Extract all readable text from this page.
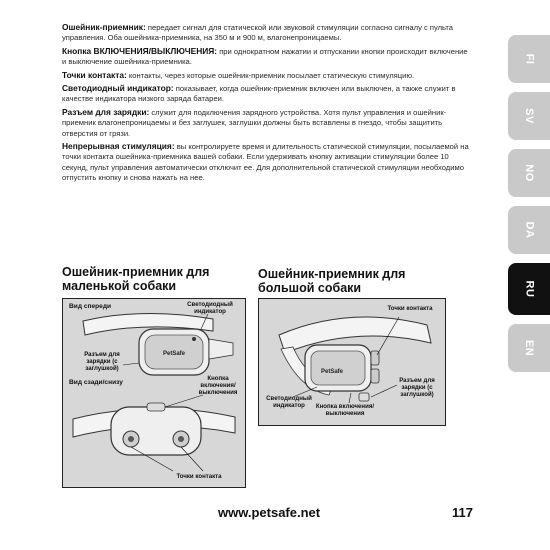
Ошейник-приемник: передает сигнал для статической или звуковой стимуляции согласно сигналу с пульта управления. Оба ошейника-приемника, на 350 м и 900 м, влагонепроницаемы.

Кнопка ВКЛЮЧЕНИЯ/ВЫКЛЮЧЕНИЯ: при однократном нажатии и отпускании кнопки происходит включение и выключение ошейника-приемника.

Точки контакта: контакты, через которые ошейник-приемник посылает статическую стимуляцию.

Светодиодный индикатор: показывает, когда ошейник-приемник включен или выключен, а также служит в качестве индикатора низкого заряда батареи.

Разъем для зарядки: служит для подключения зарядного устройства. Хотя пульт управления и ошейник-приемник влагонепроницаемы и без заглушек, заглушки должны быть вставлены в гнездо, чтобы защитить отверстия от грязи.

Непрерывная стимуляция: вы контролируете время и длительность статической стимуляции, посылаемой на точки контакта ошейника-приемника вашей собаки. Если удерживать кнопку активации стимуляции более 10 секунд, пульт управления автоматически отключит ее. Для дополнительной статической стимуляции необходимо отпустить кнопку и снова нажать на нее.

FI
SV
NO
DA
RU
EN
Ошейник-приемник для маленькой собаки
PetSafe
Вид спереди	Светодиодный индикатор
Разъем для зарядки (с заглушкой)
Вид сзади/снизу
Кнопка включения/ выключения
Точки контакта
Ошейник-приемник для большой собаки
PetSafe
Точки контакта
Разъем для зарядки (с заглушкой)
Светодиодный индикатор	Кнопка включения/ выключения
www.petsafe.net	117
